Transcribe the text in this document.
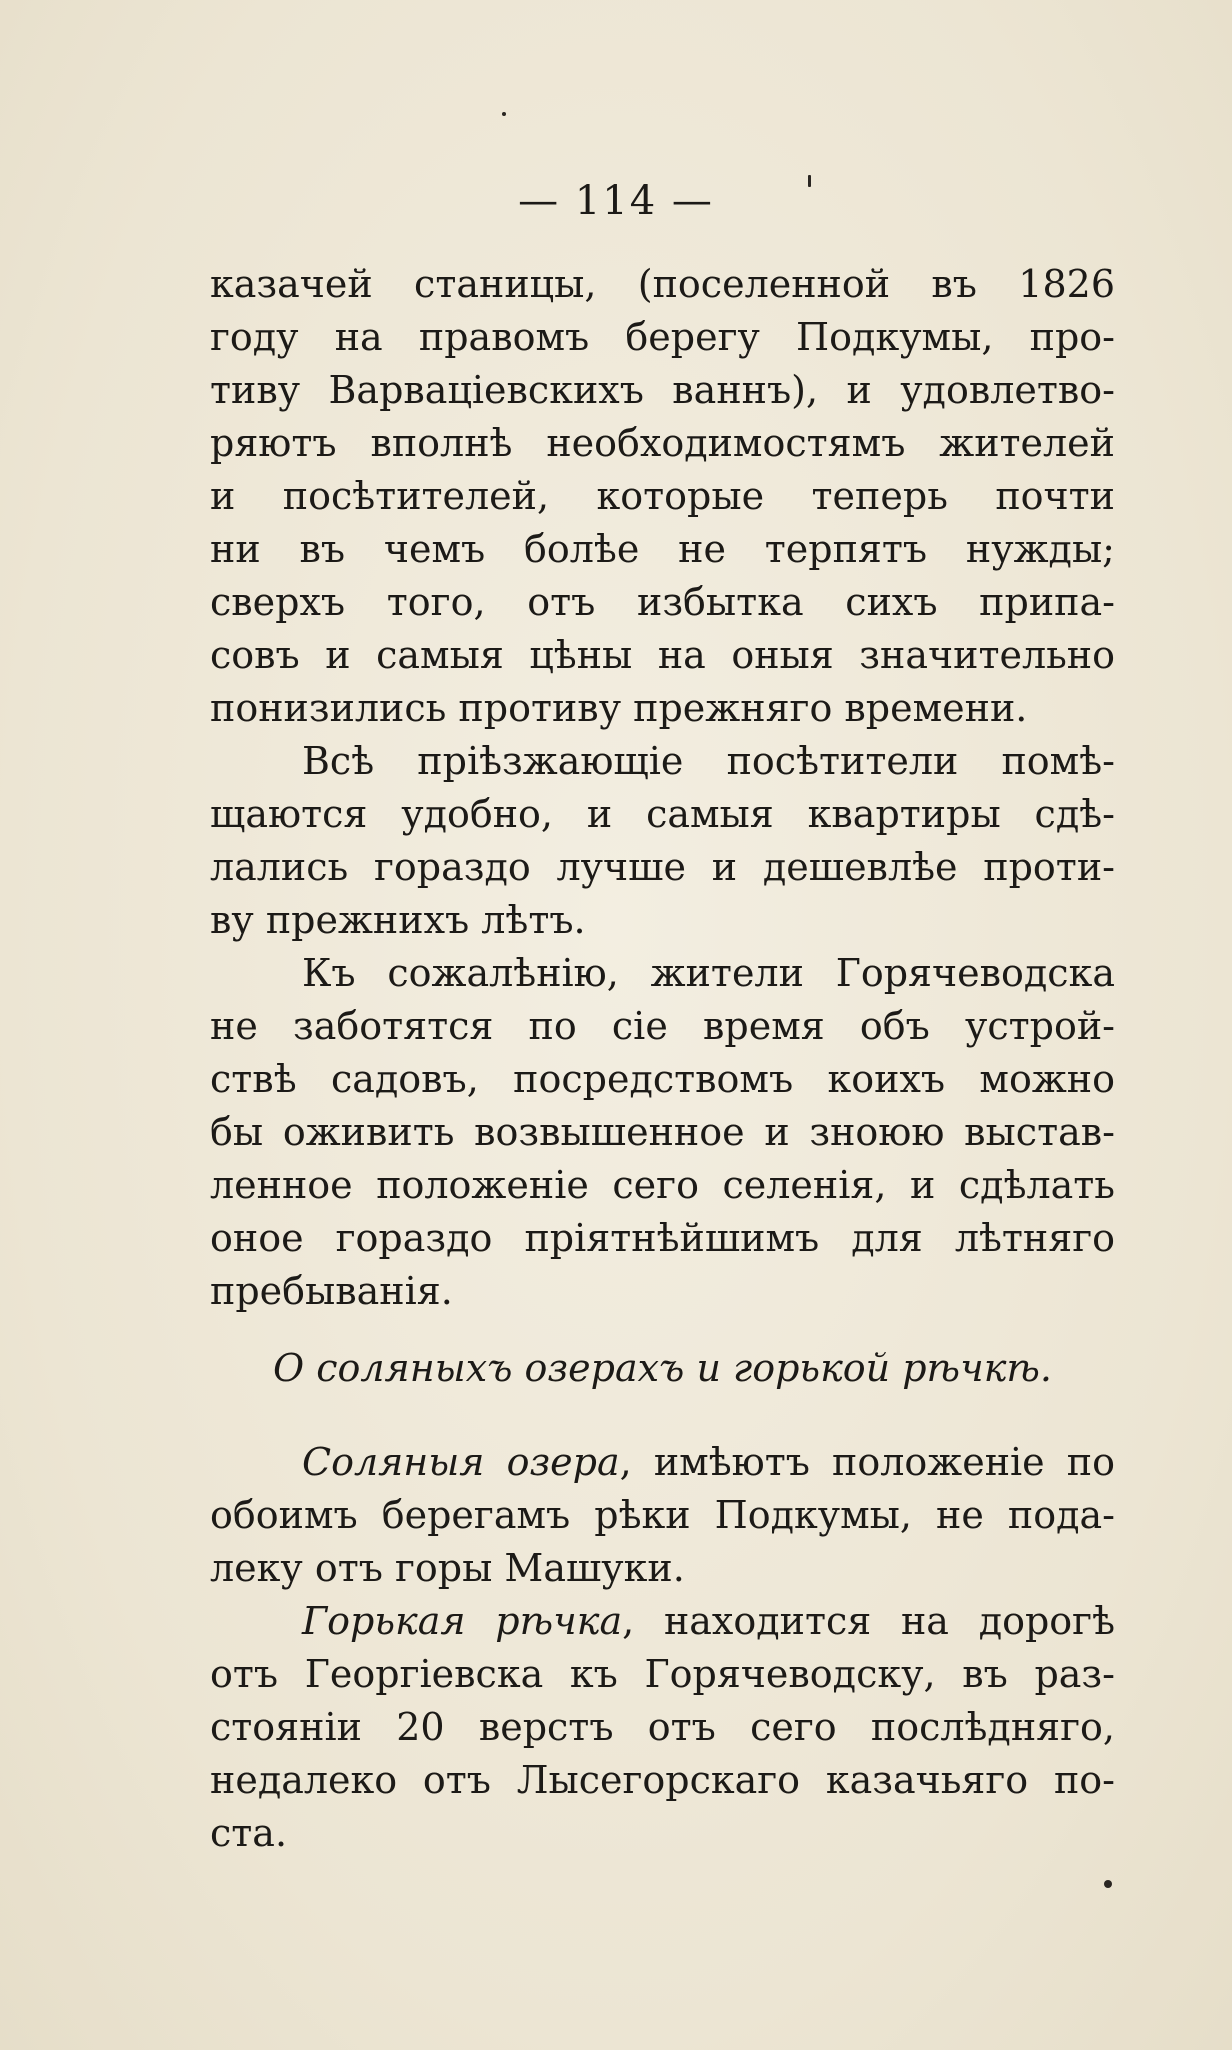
— 114 —
казачей станицы, (поселенной въ 1826
году на правомъ берегу Подкумы, про-
тиву Варваціевскихъ ваннъ), и удовлетво-
ряютъ вполнѣ необходимостямъ жителей
и посѣтителей, которые теперь почти
ни въ чемъ болѣе не терпятъ нужды;
сверхъ того, отъ избытка сихъ припа-
совъ и самыя цѣны на оныя значительно
понизились противу прежняго времени.
Всѣ пріѣзжающіе посѣтители помѣ-
щаются удобно, и самыя квартиры сдѣ-
лались гораздо лучше и дешевлѣе проти-
ву прежнихъ лѣтъ.
Къ сожалѣнію, жители Горячеводска
не заботятся по сіе время объ устрой-
ствѣ садовъ, посредствомъ коихъ можно
бы оживить возвышенное и зноюю выстав-
ленное положеніе сего селенія, и сдѣлать
оное гораздо пріятнѣйшимъ для лѣтняго
пребыванія.
О соляныхъ озерахъ и горькой рѣчкѣ.
Соляныя озера, имѣютъ положеніе по
обоимъ берегамъ рѣки Подкумы, не пода-
леку отъ горы Машуки.
Горькая рѣчка, находится на дорогѣ
отъ Георгіевска къ Горячеводску, въ раз-
стояніи 20 верстъ отъ сего послѣдняго,
недалеко отъ Лысегорскаго казачьяго по-
ста.
